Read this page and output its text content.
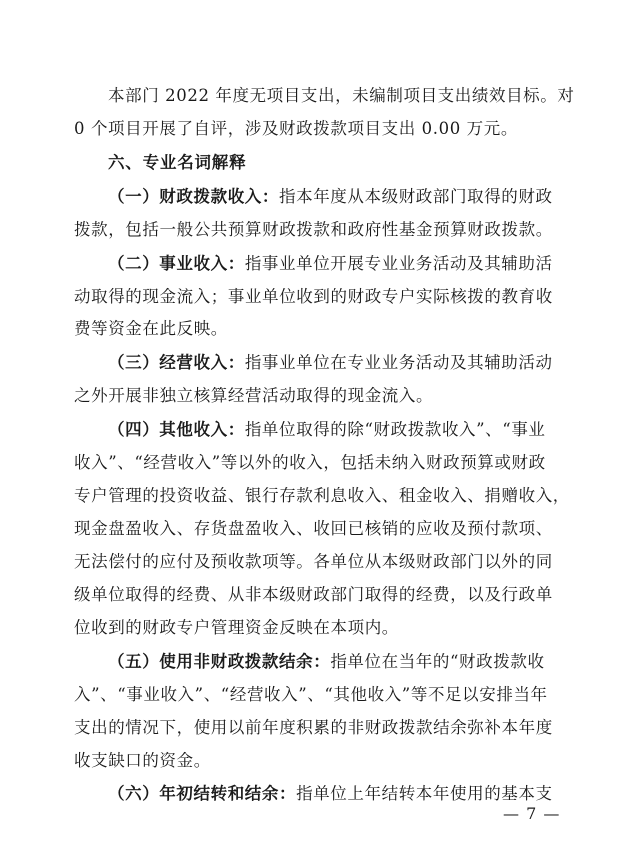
本部门 2022 年度无项目支出，未编制项目支出绩效目标。对
0 个项目开展了自评，涉及财政拨款项目支出 0.00 万元。
六、专业名词解释
（一）财政拨款收入：指本年度从本级财政部门取得的财政
拨款，包括一般公共预算财政拨款和政府性基金预算财政拨款。
（二）事业收入：指事业单位开展专业业务活动及其辅助活
动取得的现金流入；事业单位收到的财政专户实际核拨的教育收
费等资金在此反映。
（三）经营收入：指事业单位在专业业务活动及其辅助活动
之外开展非独立核算经营活动取得的现金流入。
（四）其他收入：指单位取得的除“财政拨款收入”、“事业
收入”、“经营收入”等以外的收入，包括未纳入财政预算或财政
专户管理的投资收益、银行存款利息收入、租金收入、捐赠收入，
现金盘盈收入、存货盘盈收入、收回已核销的应收及预付款项、
无法偿付的应付及预收款项等。各单位从本级财政部门以外的同
级单位取得的经费、从非本级财政部门取得的经费，以及行政单
位收到的财政专户管理资金反映在本项内。
（五）使用非财政拨款结余：指单位在当年的“财政拨款收
入”、“事业收入”、“经营收入”、“其他收入”等不足以安排当年
支出的情况下，使用以前年度积累的非财政拨款结余弥补本年度
收支缺口的资金。
（六）年初结转和结余：指单位上年结转本年使用的基本支
— 7 —
